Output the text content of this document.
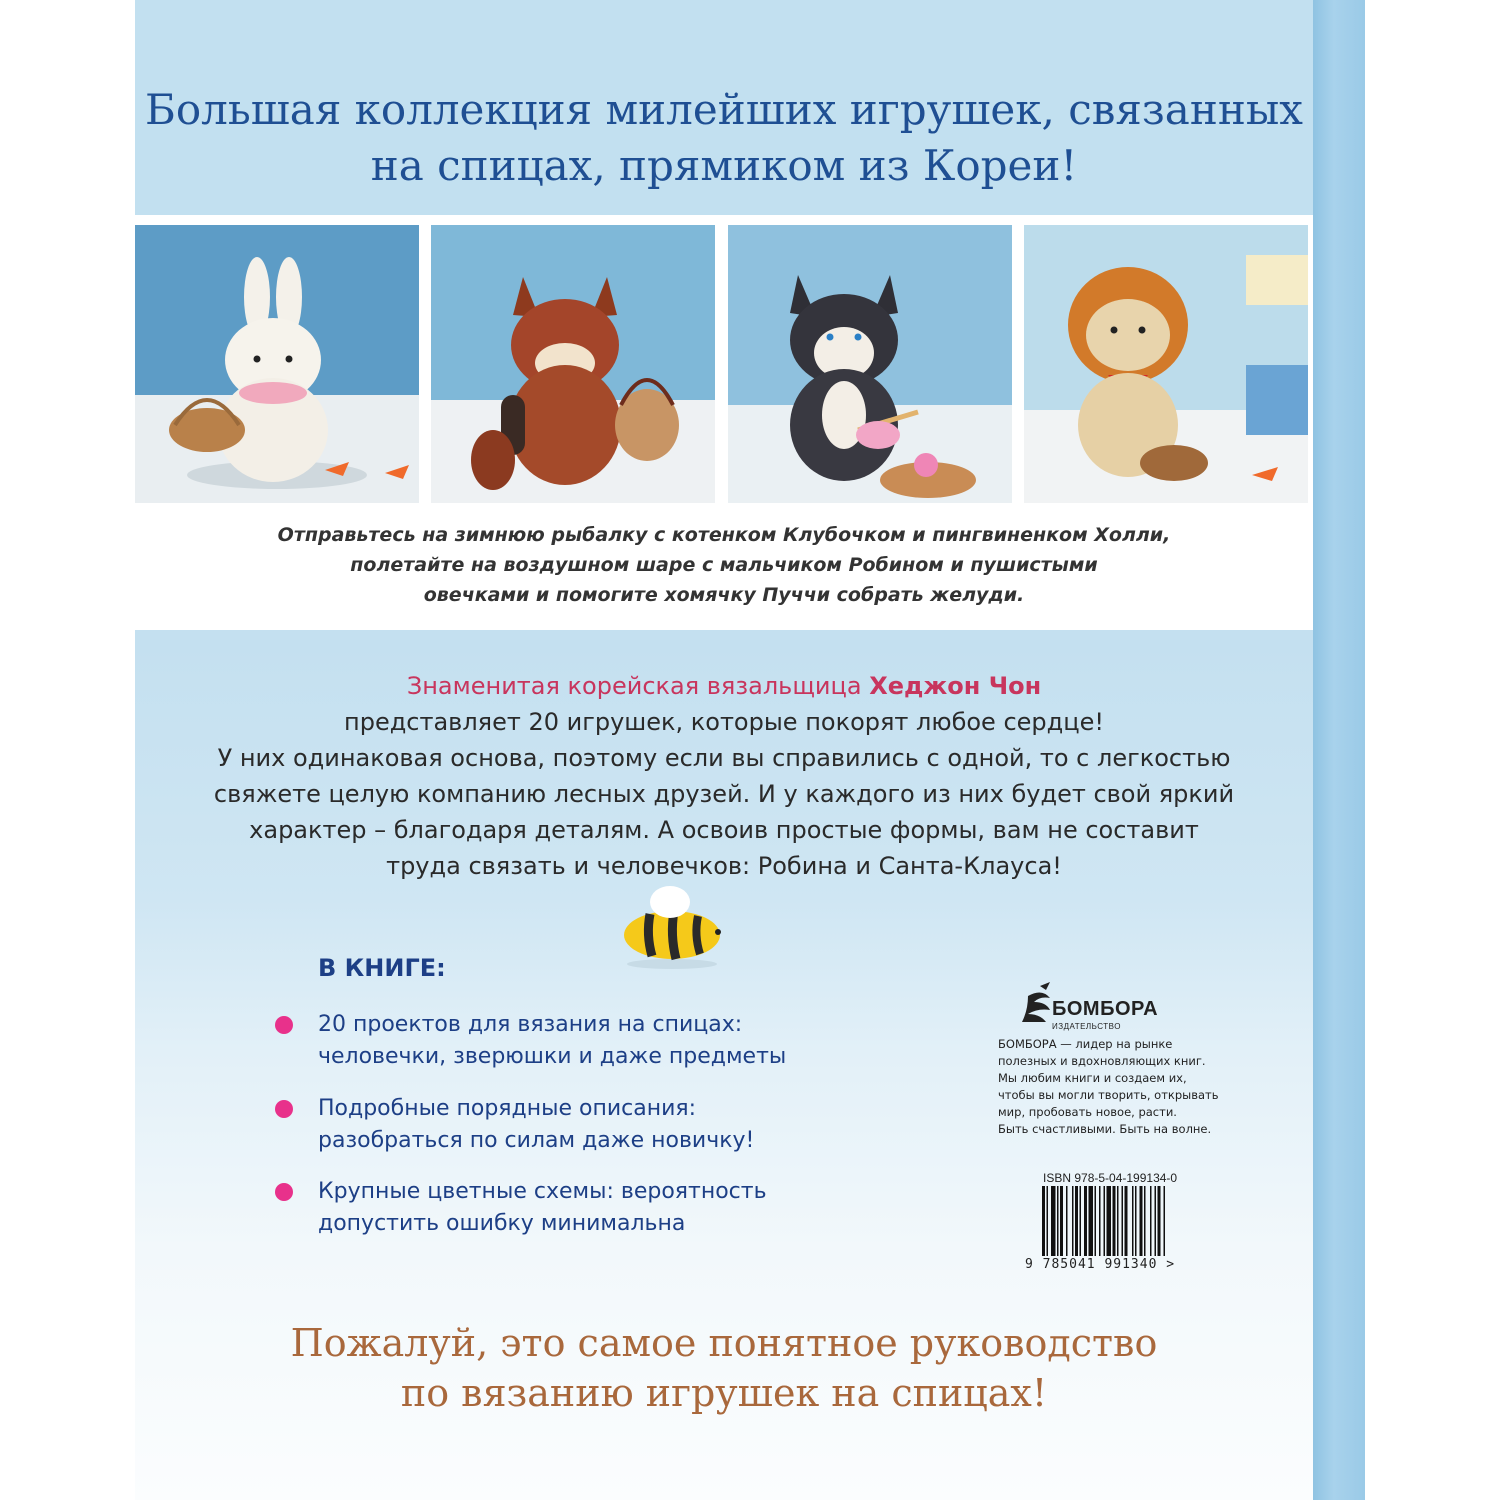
Большая коллекция милейших игрушек, связанных
на спицах, прямиком из Кореи!
Отправьтесь на зимнюю рыбалку с котенком Клубочком и пингвиненком Холли,
полетайте на воздушном шаре с мальчиком Робином и пушистыми
овечками и помогите хомячку Пуччи собрать желуди.
Знаменитая корейская вязальщица Хеджон Чон
представляет 20 игрушек, которые покорят любое сердце!
У них одинаковая основа, поэтому если вы справились с одной, то с легкостью
свяжете целую компанию лесных друзей. И у каждого из них будет свой яркий
характер – благодаря деталям. А освоив простые формы, вам не составит
труда связать и человечков: Робина и Санта-Клауса!
В КНИГЕ:
20 проектов для вязания на спицах:
человечки, зверюшки и даже предметы
Подробные порядные описания:
разобраться по силам даже новичку!
Крупные цветные схемы: вероятность
допустить ошибку минимальна
БОМБОРА
ИЗДАТЕЛЬСТВО
БОМБОРА — лидер на рынке
полезных и вдохновляющих книг.
Мы любим книги и создаем их,
чтобы вы могли творить, открывать
мир, пробовать новое, расти.
Быть счастливыми. Быть на волне.
ISBN 978-5-04-199134-0
9 785041 991340 >
Пожалуй, это самое понятное руководство
по вязанию игрушек на спицах!
